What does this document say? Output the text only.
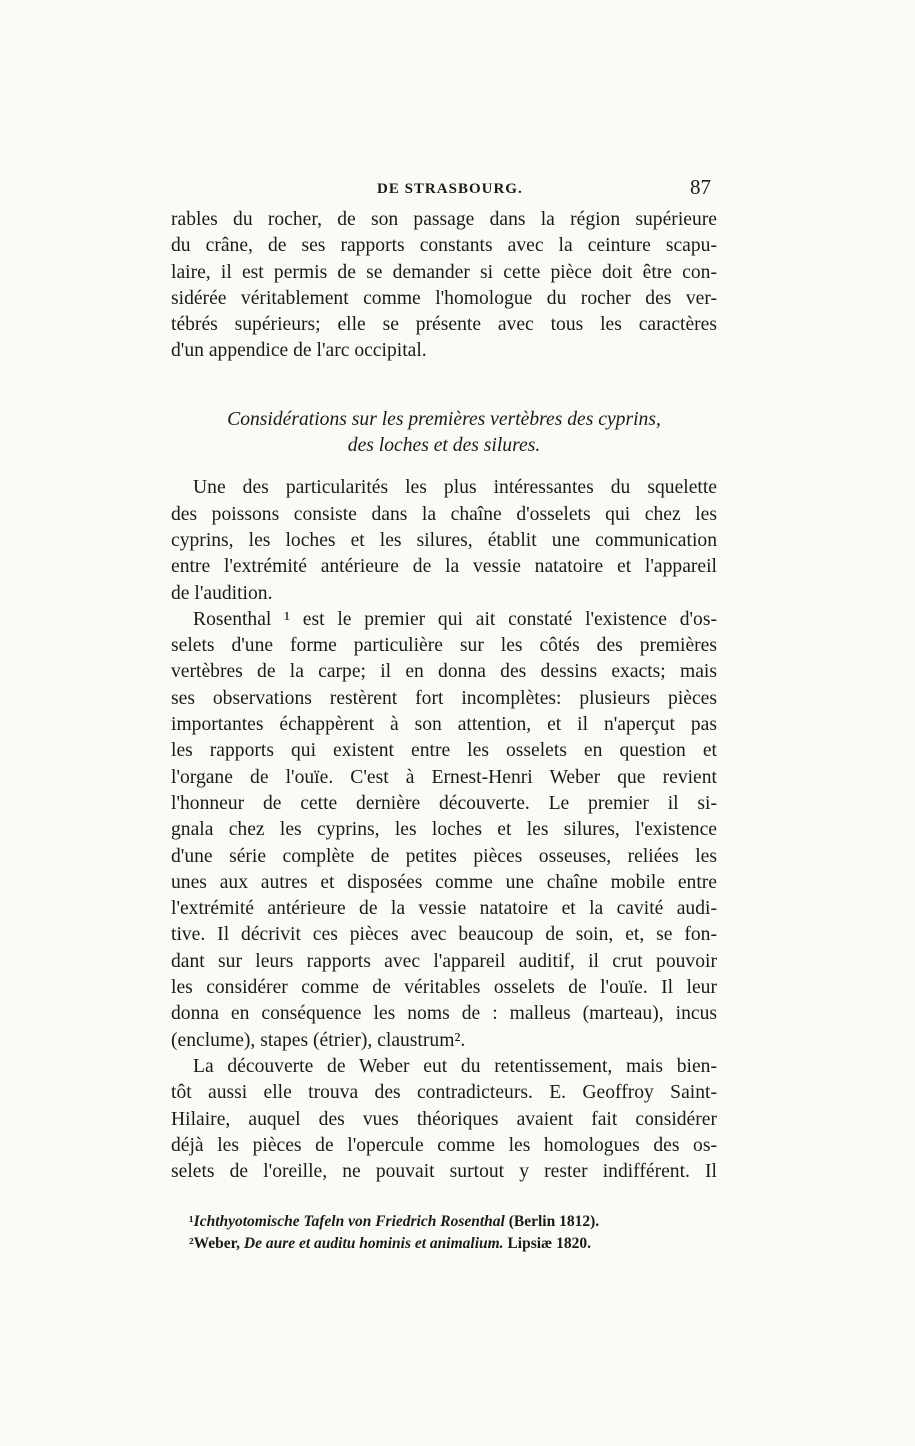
DE STRASBOURG.	87
rables du rocher, de son passage dans la région supérieure
du crâne, de ses rapports constants avec la ceinture scapu-
laire, il est permis de se demander si cette pièce doit être con-
sidérée véritablement comme l'homologue du rocher des ver-
tébrés supérieurs; elle se présente avec tous les caractères
d'un appendice de l'arc occipital.
Considérations sur les premières vertèbres des cyprins,
des loches et des silures.
Une des particularités les plus intéressantes du squelette
des poissons consiste dans la chaîne d'osselets qui chez les
cyprins, les loches et les silures, établit une communication
entre l'extrémité antérieure de la vessie natatoire et l'appareil
de l'audition.
Rosenthal ¹ est le premier qui ait constaté l'existence d'os-
selets d'une forme particulière sur les côtés des premières
vertèbres de la carpe; il en donna des dessins exacts; mais
ses observations restèrent fort incomplètes: plusieurs pièces
importantes échappèrent à son attention, et il n'aperçut pas
les rapports qui existent entre les osselets en question et
l'organe de l'ouïe. C'est à Ernest-Henri Weber que revient
l'honneur de cette dernière découverte. Le premier il si-
gnala chez les cyprins, les loches et les silures, l'existence
d'une série complète de petites pièces osseuses, reliées les
unes aux autres et disposées comme une chaîne mobile entre
l'extrémité antérieure de la vessie natatoire et la cavité audi-
tive. Il décrivit ces pièces avec beaucoup de soin, et, se fon-
dant sur leurs rapports avec l'appareil auditif, il crut pouvoir
les considérer comme de véritables osselets de l'ouïe. Il leur
donna en conséquence les noms de : malleus (marteau), incus
(enclume), stapes (étrier), claustrum².
La découverte de Weber eut du retentissement, mais bien-
tôt aussi elle trouva des contradicteurs. E. Geoffroy Saint-
Hilaire, auquel des vues théoriques avaient fait considérer
déjà les pièces de l'opercule comme les homologues des os-
selets de l'oreille, ne pouvait surtout y rester indifférent. Il
¹Ichthyotomische Tafeln von Friedrich Rosenthal (Berlin 1812).
²Weber, De aure et auditu hominis et animalium. Lipsiæ 1820.
